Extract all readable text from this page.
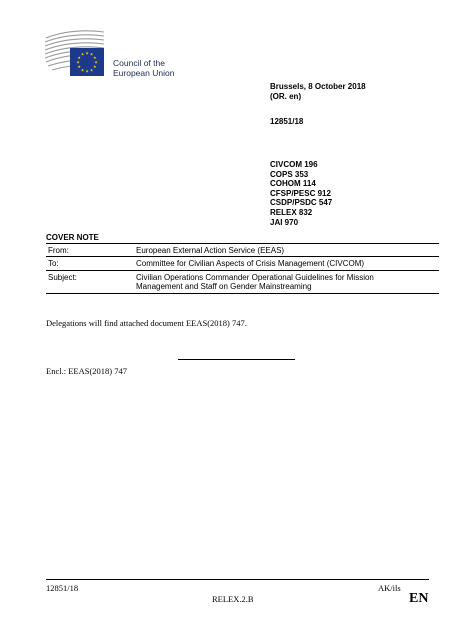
★ ★
★
★
★
★
★
★
★
★
★
★
Council of the
European Union
Brussels, 8 October 2018
(OR. en)
12851/18
CIVCOM 196
COPS 353
COHOM 114
CFSP/PESC 912
CSDP/PSDC 547
RELEX 832
JAI 970
COVER NOTE
From:	European External Action Service (EEAS)
To:	Committee for Civilian Aspects of Crisis Management (CIVCOM)
Subject:	Civilian Operations Commander Operational Guidelines for Mission
Management and Staff on Gender Mainstreaming
Delegations will find attached document EEAS(2018) 747.
Encl.: EEAS(2018) 747
12851/18	AK/ils
RELEX.2.B	EN
